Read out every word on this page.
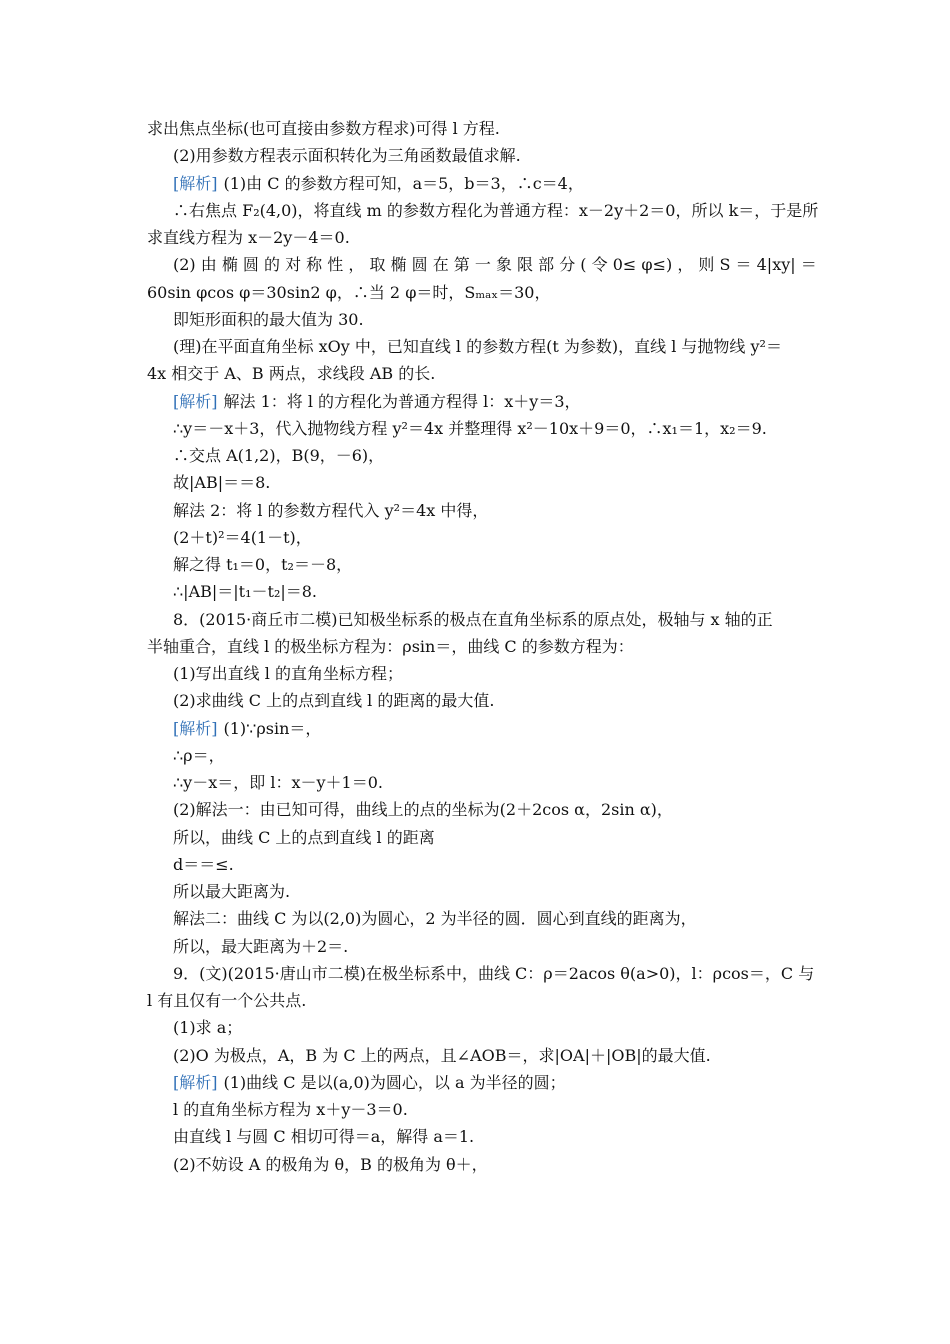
求出焦点坐标(也可直接由参数方程求)可得 l 方程.
(2)用参数方程表示面积转化为三角函数最值求解.
[解析] (1)由 C 的参数方程可知，a＝5，b＝3，∴c＝4，
∴右焦点 F₂(4,0)，将直线 m 的参数方程化为普通方程：x－2y＋2＝0，所以 k＝，于是所
求直线方程为 x－2y－4＝0.
(2) 由 椭 圆 的 对 称 性 ， 取 椭 圆 在 第 一 象 限 部 分 ( 令 0≤ φ≤) ， 则 S ＝ 4|xy| ＝
60sin φcos φ＝30sin2 φ，∴当 2 φ＝时，Sₘₐₓ＝30，
即矩形面积的最大值为 30.
(理)在平面直角坐标 xOy 中，已知直线 l 的参数方程(t 为参数)，直线 l 与抛物线 y²＝
4x 相交于 A、B 两点，求线段 AB 的长.
[解析] 解法 1：将 l 的方程化为普通方程得 l：x＋y＝3，
∴y＝－x＋3，代入抛物线方程 y²＝4x 并整理得 x²－10x＋9＝0，∴x₁＝1，x₂＝9.
∴交点 A(1,2)，B(9，－6)，
故|AB|＝＝8.
解法 2：将 l 的参数方程代入 y²＝4x 中得，
(2＋t)²＝4(1－t)，
解之得 t₁＝0，t₂＝－8，
∴|AB|＝|t₁－t₂|＝8.
8．(2015·商丘市二模)已知极坐标系的极点在直角坐标系的原点处，极轴与 x 轴的正
半轴重合，直线 l 的极坐标方程为：ρsin＝，曲线 C 的参数方程为：
(1)写出直线 l 的直角坐标方程；
(2)求曲线 C 上的点到直线 l 的距离的最大值.
[解析] (1)∵ρsin＝，
∴ρ＝，
∴y－x＝，即 l：x－y＋1＝0.
(2)解法一：由已知可得，曲线上的点的坐标为(2＋2cos α，2sin α)，
所以，曲线 C 上的点到直线 l 的距离
d＝＝≤.
所以最大距离为.
解法二：曲线 C 为以(2,0)为圆心，2 为半径的圆．圆心到直线的距离为，
所以，最大距离为＋2＝.
9．(文)(2015·唐山市二模)在极坐标系中，曲线 C：ρ＝2acos θ(a>0)，l：ρcos＝，C 与
l 有且仅有一个公共点.
(1)求 a；
(2)O 为极点，A，B 为 C 上的两点，且∠AOB＝，求|OA|＋|OB|的最大值.
[解析] (1)曲线 C 是以(a,0)为圆心，以 a 为半径的圆；
l 的直角坐标方程为 x＋y－3＝0.
由直线 l 与圆 C 相切可得＝a，解得 a＝1.
(2)不妨设 A 的极角为 θ，B 的极角为 θ＋，
